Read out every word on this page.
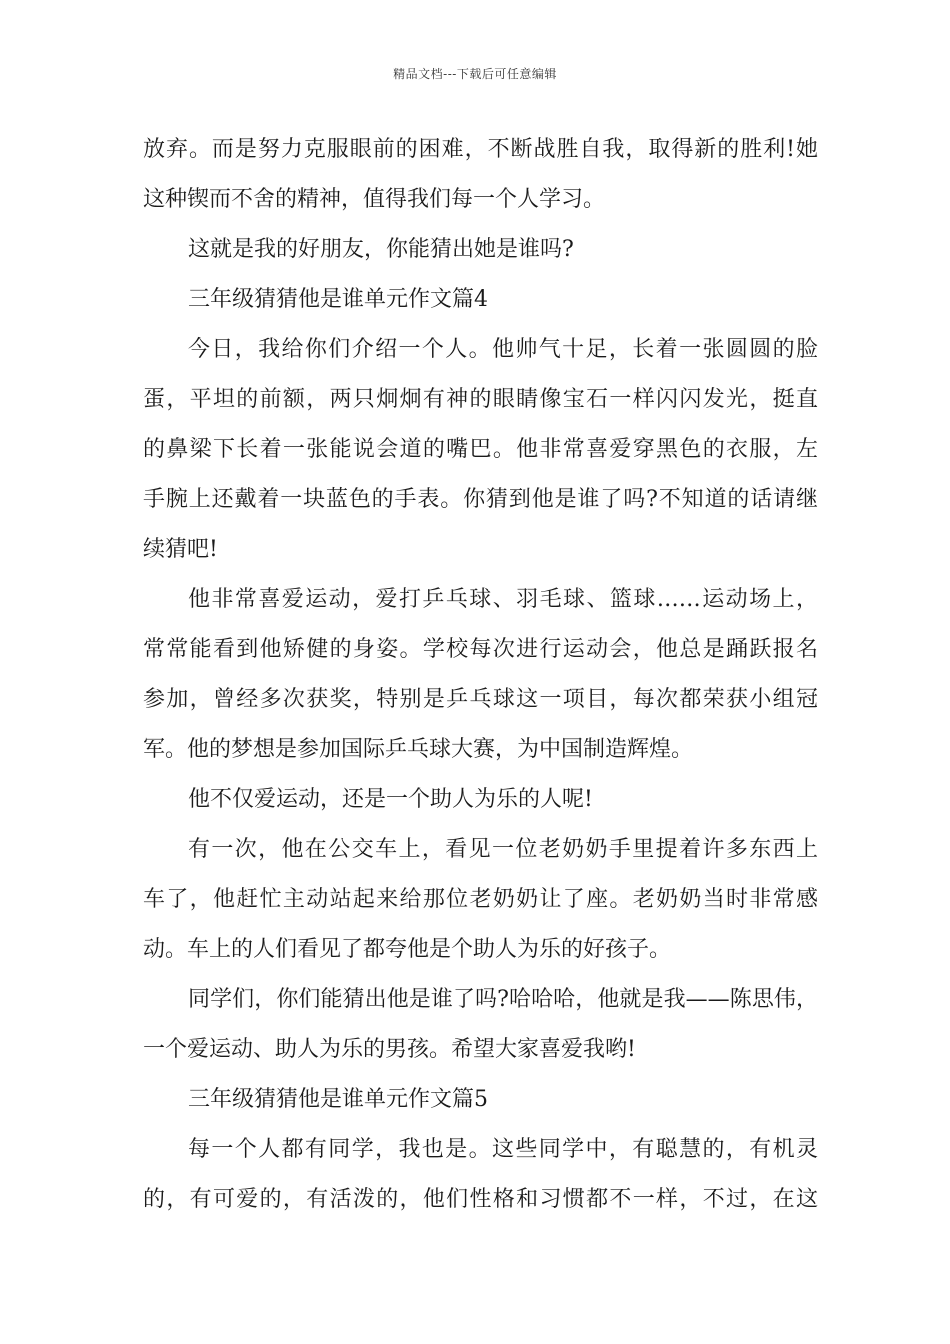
精品文档---下载后可任意编辑
放弃。而是努力克服眼前的困难，不断战胜自我，取得新的胜利!她
这种锲而不舍的精神，值得我们每一个人学习。
这就是我的好朋友，你能猜出她是谁吗?
三年级猜猜他是谁单元作文篇4
今日，我给你们介绍一个人。他帅气十足，长着一张圆圆的脸
蛋，平坦的前额，两只炯炯有神的眼睛像宝石一样闪闪发光，挺直
的鼻梁下长着一张能说会道的嘴巴。他非常喜爱穿黑色的衣服，左
手腕上还戴着一块蓝色的手表。你猜到他是谁了吗?不知道的话请继
续猜吧!
他非常喜爱运动，爱打乒乓球、羽毛球、篮球……运动场上，
常常能看到他矫健的身姿。学校每次进行运动会，他总是踊跃报名
参加，曾经多次获奖，特别是乒乓球这一项目，每次都荣获小组冠
军。他的梦想是参加国际乒乓球大赛，为中国制造辉煌。
他不仅爱运动，还是一个助人为乐的人呢!
有一次，他在公交车上，看见一位老奶奶手里提着许多东西上
车了，他赶忙主动站起来给那位老奶奶让了座。老奶奶当时非常感
动。车上的人们看见了都夸他是个助人为乐的好孩子。
同学们，你们能猜出他是谁了吗?哈哈哈，他就是我——陈思伟，
一个爱运动、助人为乐的男孩。希望大家喜爱我哟!
三年级猜猜他是谁单元作文篇5
每一个人都有同学，我也是。这些同学中，有聪慧的，有机灵
的，有可爱的，有活泼的，他们性格和习惯都不一样，不过，在这
